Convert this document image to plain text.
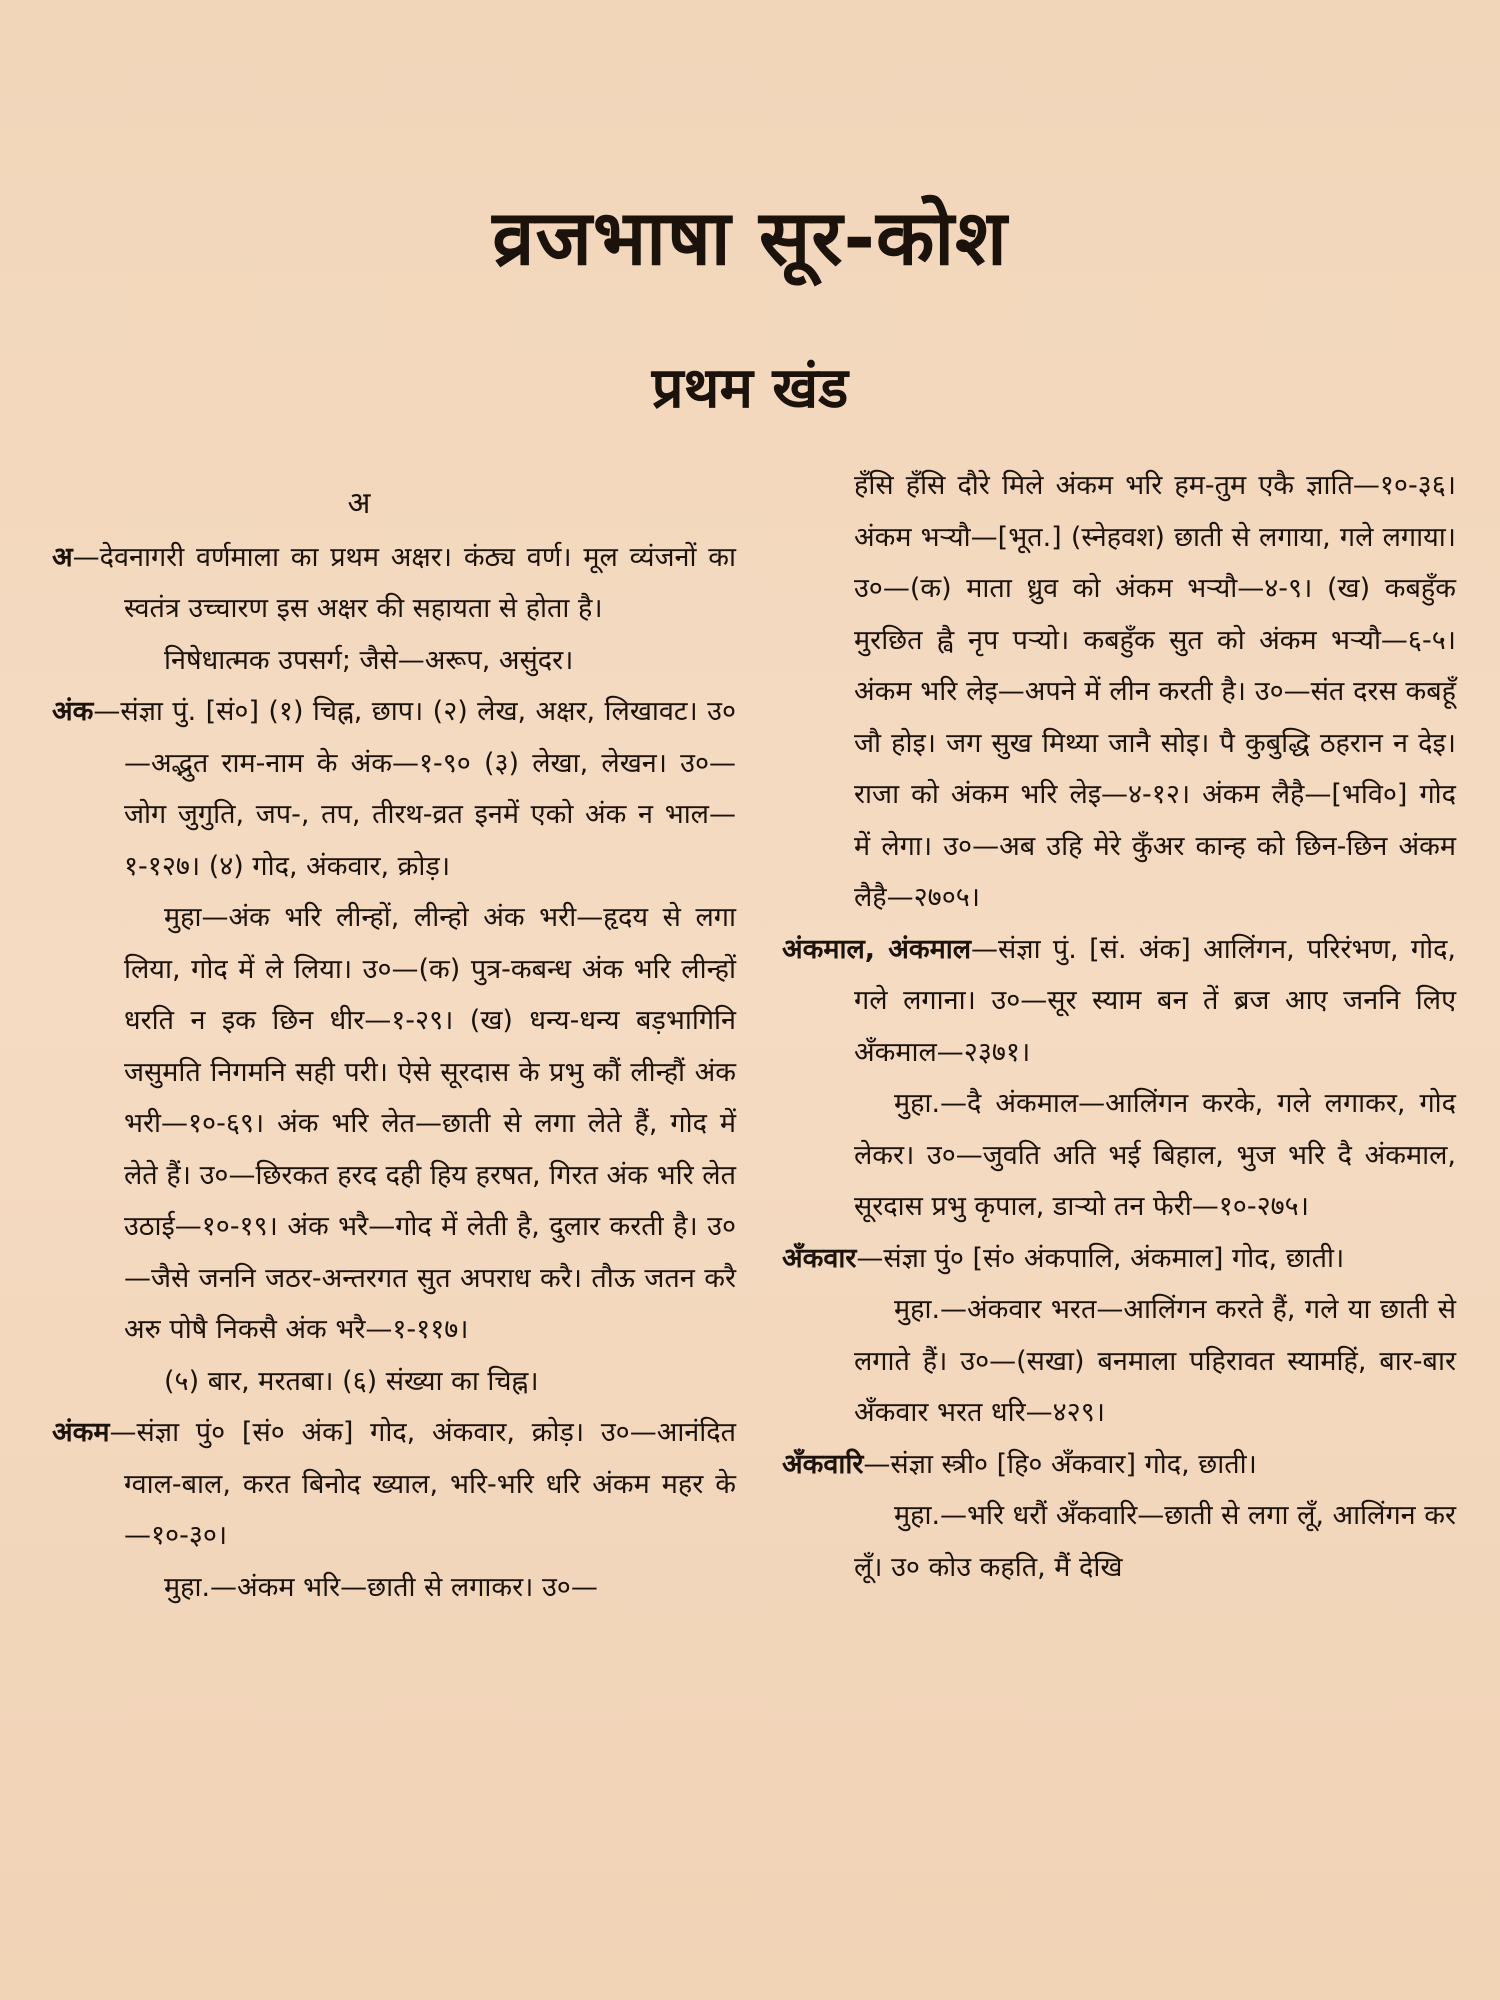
व्रजभाषा सूर-कोश
प्रथम खंड

अ

अ—देवनागरी वर्णमाला का प्रथम अक्षर। कंठ्य वर्ण। मूल व्यंजनों का स्वतंत्र उच्चारण इस अक्षर की सहायता से होता है।

निषेधात्मक उपसर्ग; जैसे—अरूप, असुंदर।

अंक—संज्ञा पुं. [सं०] (१) चिह्न, छाप। (२) लेख, अक्षर, लिखावट। उ०—अद्भुत राम-नाम के अंक—१-९० (३) लेखा, लेखन। उ०—जोग जुगुति, जप-, तप, तीरथ-व्रत इनमें एको अंक न भाल—१-१२७। (४) गोद, अंकवार, क्रोड़।

मुहा—अंक भरि लीन्हों, लीन्हो अंक भरी—हृदय से लगा लिया, गोद में ले लिया। उ०—(क) पुत्र-कबन्ध अंक भरि लीन्हों धरति न इक छिन धीर—१-२९। (ख) धन्य-धन्य बड़भागिनि जसुमति निगमनि सही परी। ऐसे सूरदास के प्रभु कौं लीन्हौं अंक भरी—१०-६९। अंक भरि लेत—छाती से लगा लेते हैं, गोद में लेते हैं। उ०—छिरकत हरद दही हिय हरषत, गिरत अंक भरि लेत उठाई—१०-१९। अंक भरै—गोद में लेती है, दुलार करती है। उ०—जैसे जननि जठर-अन्तरगत सुत अपराध करै। तौऊ जतन करै अरु पोषै निकसै अंक भरै—१-११७।

(५) बार, मरतबा। (६) संख्या का चिह्न।

अंकम—संज्ञा पुं० [सं० अंक] गोद, अंकवार, क्रोड़। उ०—आनंदित ग्वाल-बाल, करत बिनोद ख्याल, भरि-भरि धरि अंकम महर के—१०-३०।

मुहा.—अंकम भरि—छाती से लगाकर। उ०—

हँसि हँसि दौरे मिले अंकम भरि हम-तुम एकै ज्ञाति—१०-३६। अंकम भर्‍यौ—[भूत.] (स्नेहवश) छाती से लगाया, गले लगाया। उ०—(क) माता ध्रुव को अंकम भर्‍यौ—४-९। (ख) कबहुँक मुरछित ह्वै नृप पर्‍यो। कबहुँक सुत को अंकम भर्‍यौ—६-५। अंकम भरि लेइ—अपने में लीन करती है। उ०—संत दरस कबहूँ जौ होइ। जग सुख मिथ्या जानै सोइ। पै कुबुद्धि ठहरान न देइ। राजा को अंकम भरि लेइ—४-१२। अंकम लैहै—[भवि०] गोद में लेगा। उ०—अब उहि मेरे कुँअर कान्ह को छिन-छिन अंकम लैहै—२७०५।

अंकमाल, अंकमाल—संज्ञा पुं. [सं. अंक] आलिंगन, परिरंभण, गोद, गले लगाना। उ०—सूर स्याम बन तें ब्रज आए जननि लिए अँकमाल—२३७१।

मुहा.—दै अंकमाल—आलिंगन करके, गले लगाकर, गोद लेकर। उ०—जुवति अति भई बिहाल, भुज भरि दै अंकमाल, सूरदास प्रभु कृपाल, डार्‍यो तन फेरी—१०-२७५।

अँकवार—संज्ञा पुं० [सं० अंकपालि, अंकमाल] गोद, छाती।

मुहा.—अंकवार भरत—आलिंगन करते हैं, गले या छाती से लगाते हैं। उ०—(सखा) बनमाला पहिरावत स्यामहिं, बार-बार अँकवार भरत धरि—४२९।

अँकवारि—संज्ञा स्त्री० [हि० अँकवार] गोद, छाती।

मुहा.—भरि धरौं अँकवारि—छाती से लगा लूँ, आलिंगन कर लूँ। उ० कोउ कहति, मैं देखि
